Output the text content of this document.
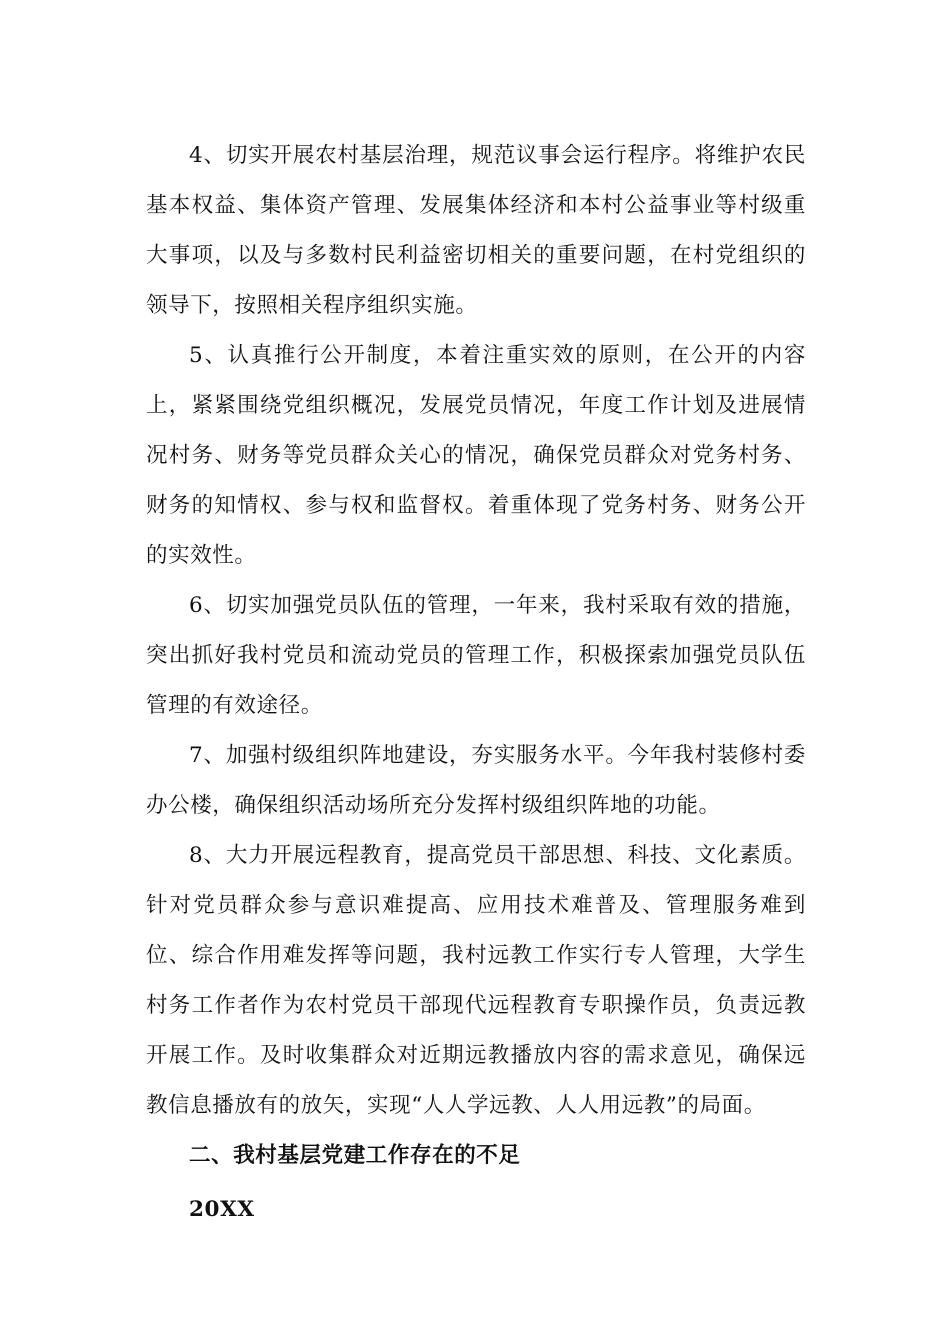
4、切实开展农村基层治理，规范议事会运行程序。将维护农民基本权益、集体资产管理、发展集体经济和本村公益事业等村级重大事项，以及与多数村民利益密切相关的重要问题，在村党组织的领导下，按照相关程序组织实施。

5、认真推行公开制度，本着注重实效的原则，在公开的内容上，紧紧围绕党组织概况，发展党员情况，年度工作计划及进展情况村务、财务等党员群众关心的情况，确保党员群众对党务村务、财务的知情权、参与权和监督权。着重体现了党务村务、财务公开的实效性。

6、切实加强党员队伍的管理，一年来，我村采取有效的措施，突出抓好我村党员和流动党员的管理工作，积极探索加强党员队伍管理的有效途径。

7、加强村级组织阵地建设，夯实服务水平。今年我村装修村委办公楼，确保组织活动场所充分发挥村级组织阵地的功能。

8、大力开展远程教育，提高党员干部思想、科技、文化素质。针对党员群众参与意识难提高、应用技术难普及、管理服务难到位、综合作用难发挥等问题，我村远教工作实行专人管理，大学生村务工作者作为农村党员干部现代远程教育专职操作员，负责远教开展工作。及时收集群众对近期远教播放内容的需求意见，确保远教信息播放有的放矢，实现“人人学远教、人人用远教”的局面。

二、我村基层党建工作存在的不足

20XX
